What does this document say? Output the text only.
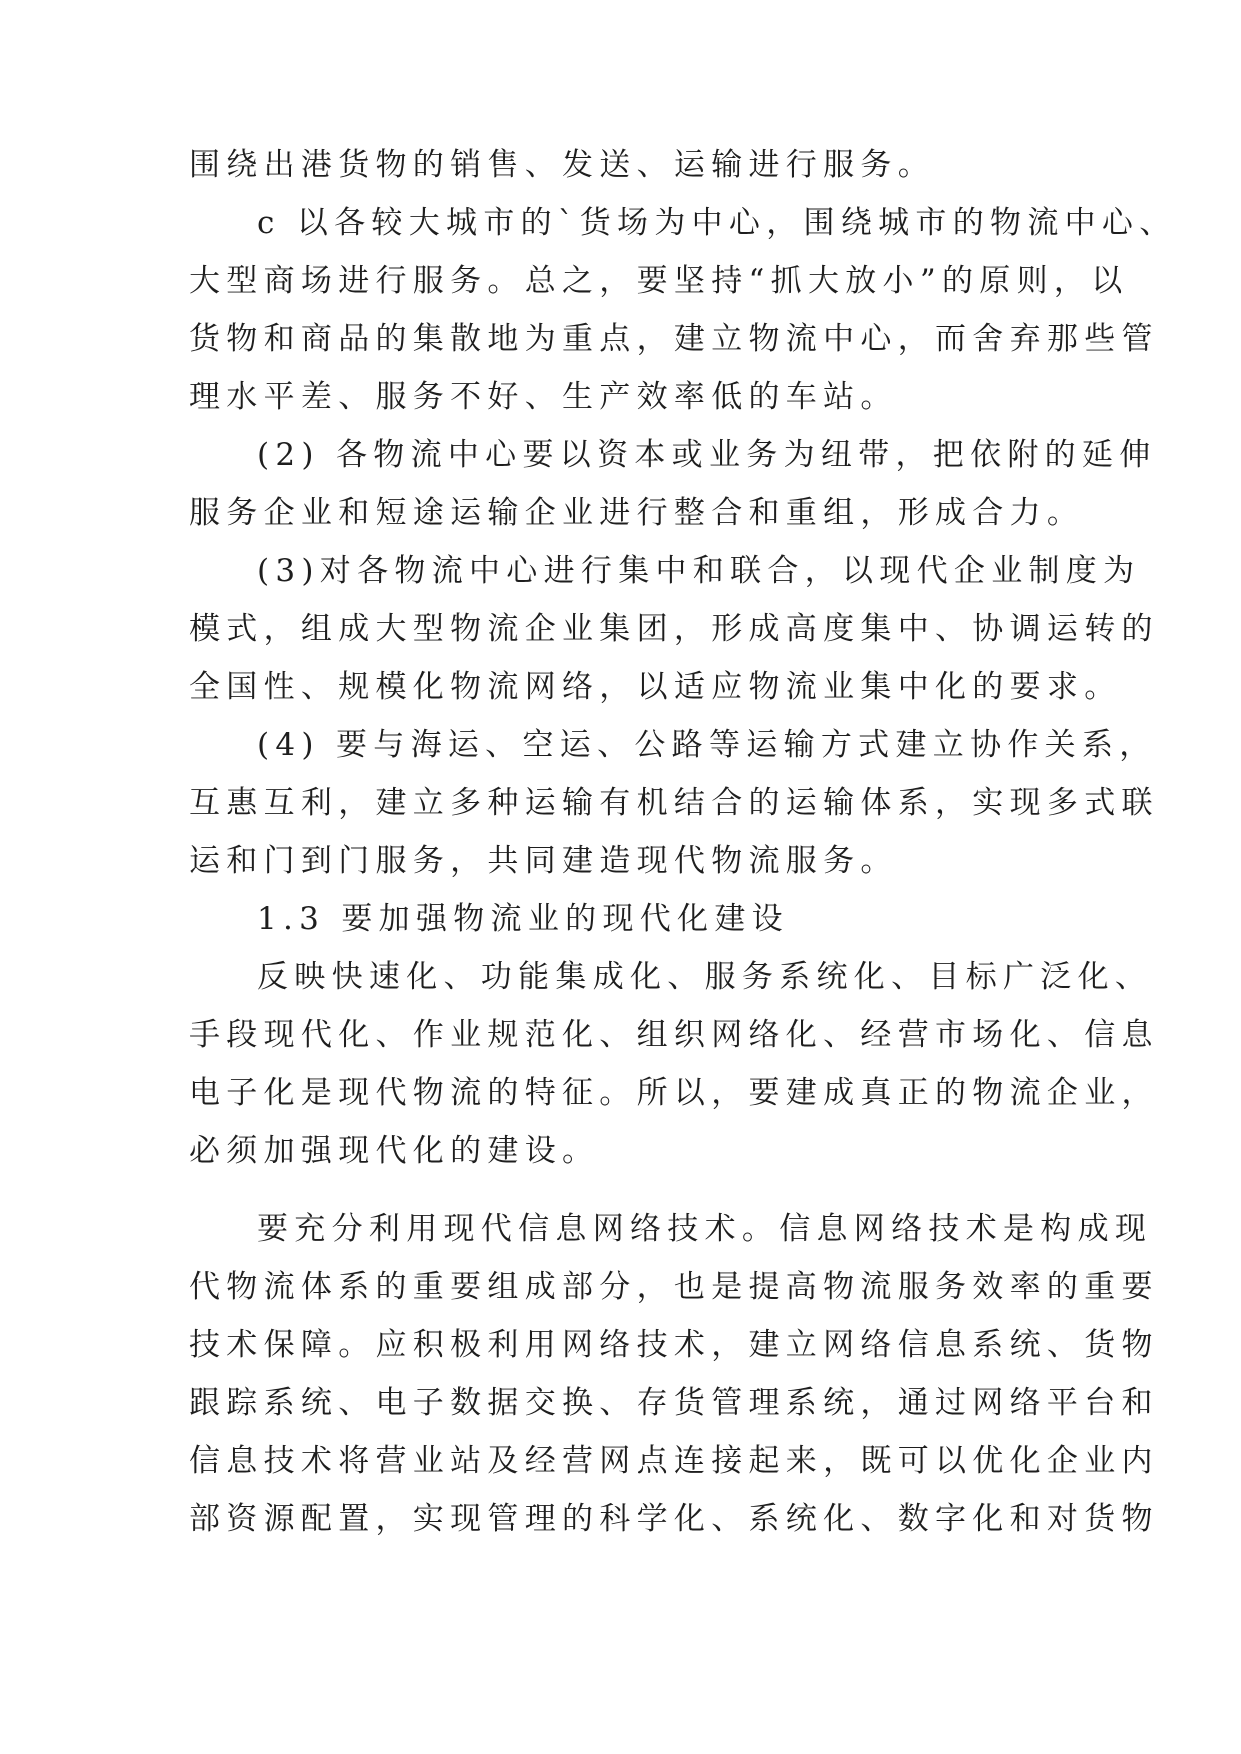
围绕出港货物的销售、发送、运输进行服务。
c 以各较大城市的`货场为中心，围绕城市的物流中心、
大型商场进行服务。总之，要坚持“抓大放小”的原则，以
货物和商品的集散地为重点，建立物流中心，而舍弃那些管
理水平差、服务不好、生产效率低的车站。
(2) 各物流中心要以资本或业务为纽带，把依附的延伸
服务企业和短途运输企业进行整合和重组，形成合力。
(3)对各物流中心进行集中和联合，以现代企业制度为
模式，组成大型物流企业集团，形成高度集中、协调运转的
全国性、规模化物流网络，以适应物流业集中化的要求。
(4) 要与海运、空运、公路等运输方式建立协作关系，
互惠互利，建立多种运输有机结合的运输体系，实现多式联
运和门到门服务，共同建造现代物流服务。
1.3 要加强物流业的现代化建设
反映快速化、功能集成化、服务系统化、目标广泛化、
手段现代化、作业规范化、组织网络化、经营市场化、信息
电子化是现代物流的特征。所以，要建成真正的物流企业，
必须加强现代化的建设。
要充分利用现代信息网络技术。信息网络技术是构成现
代物流体系的重要组成部分，也是提高物流服务效率的重要
技术保障。应积极利用网络技术，建立网络信息系统、货物
跟踪系统、电子数据交换、存货管理系统，通过网络平台和
信息技术将营业站及经营网点连接起来，既可以优化企业内
部资源配置，实现管理的科学化、系统化、数字化和对货物
